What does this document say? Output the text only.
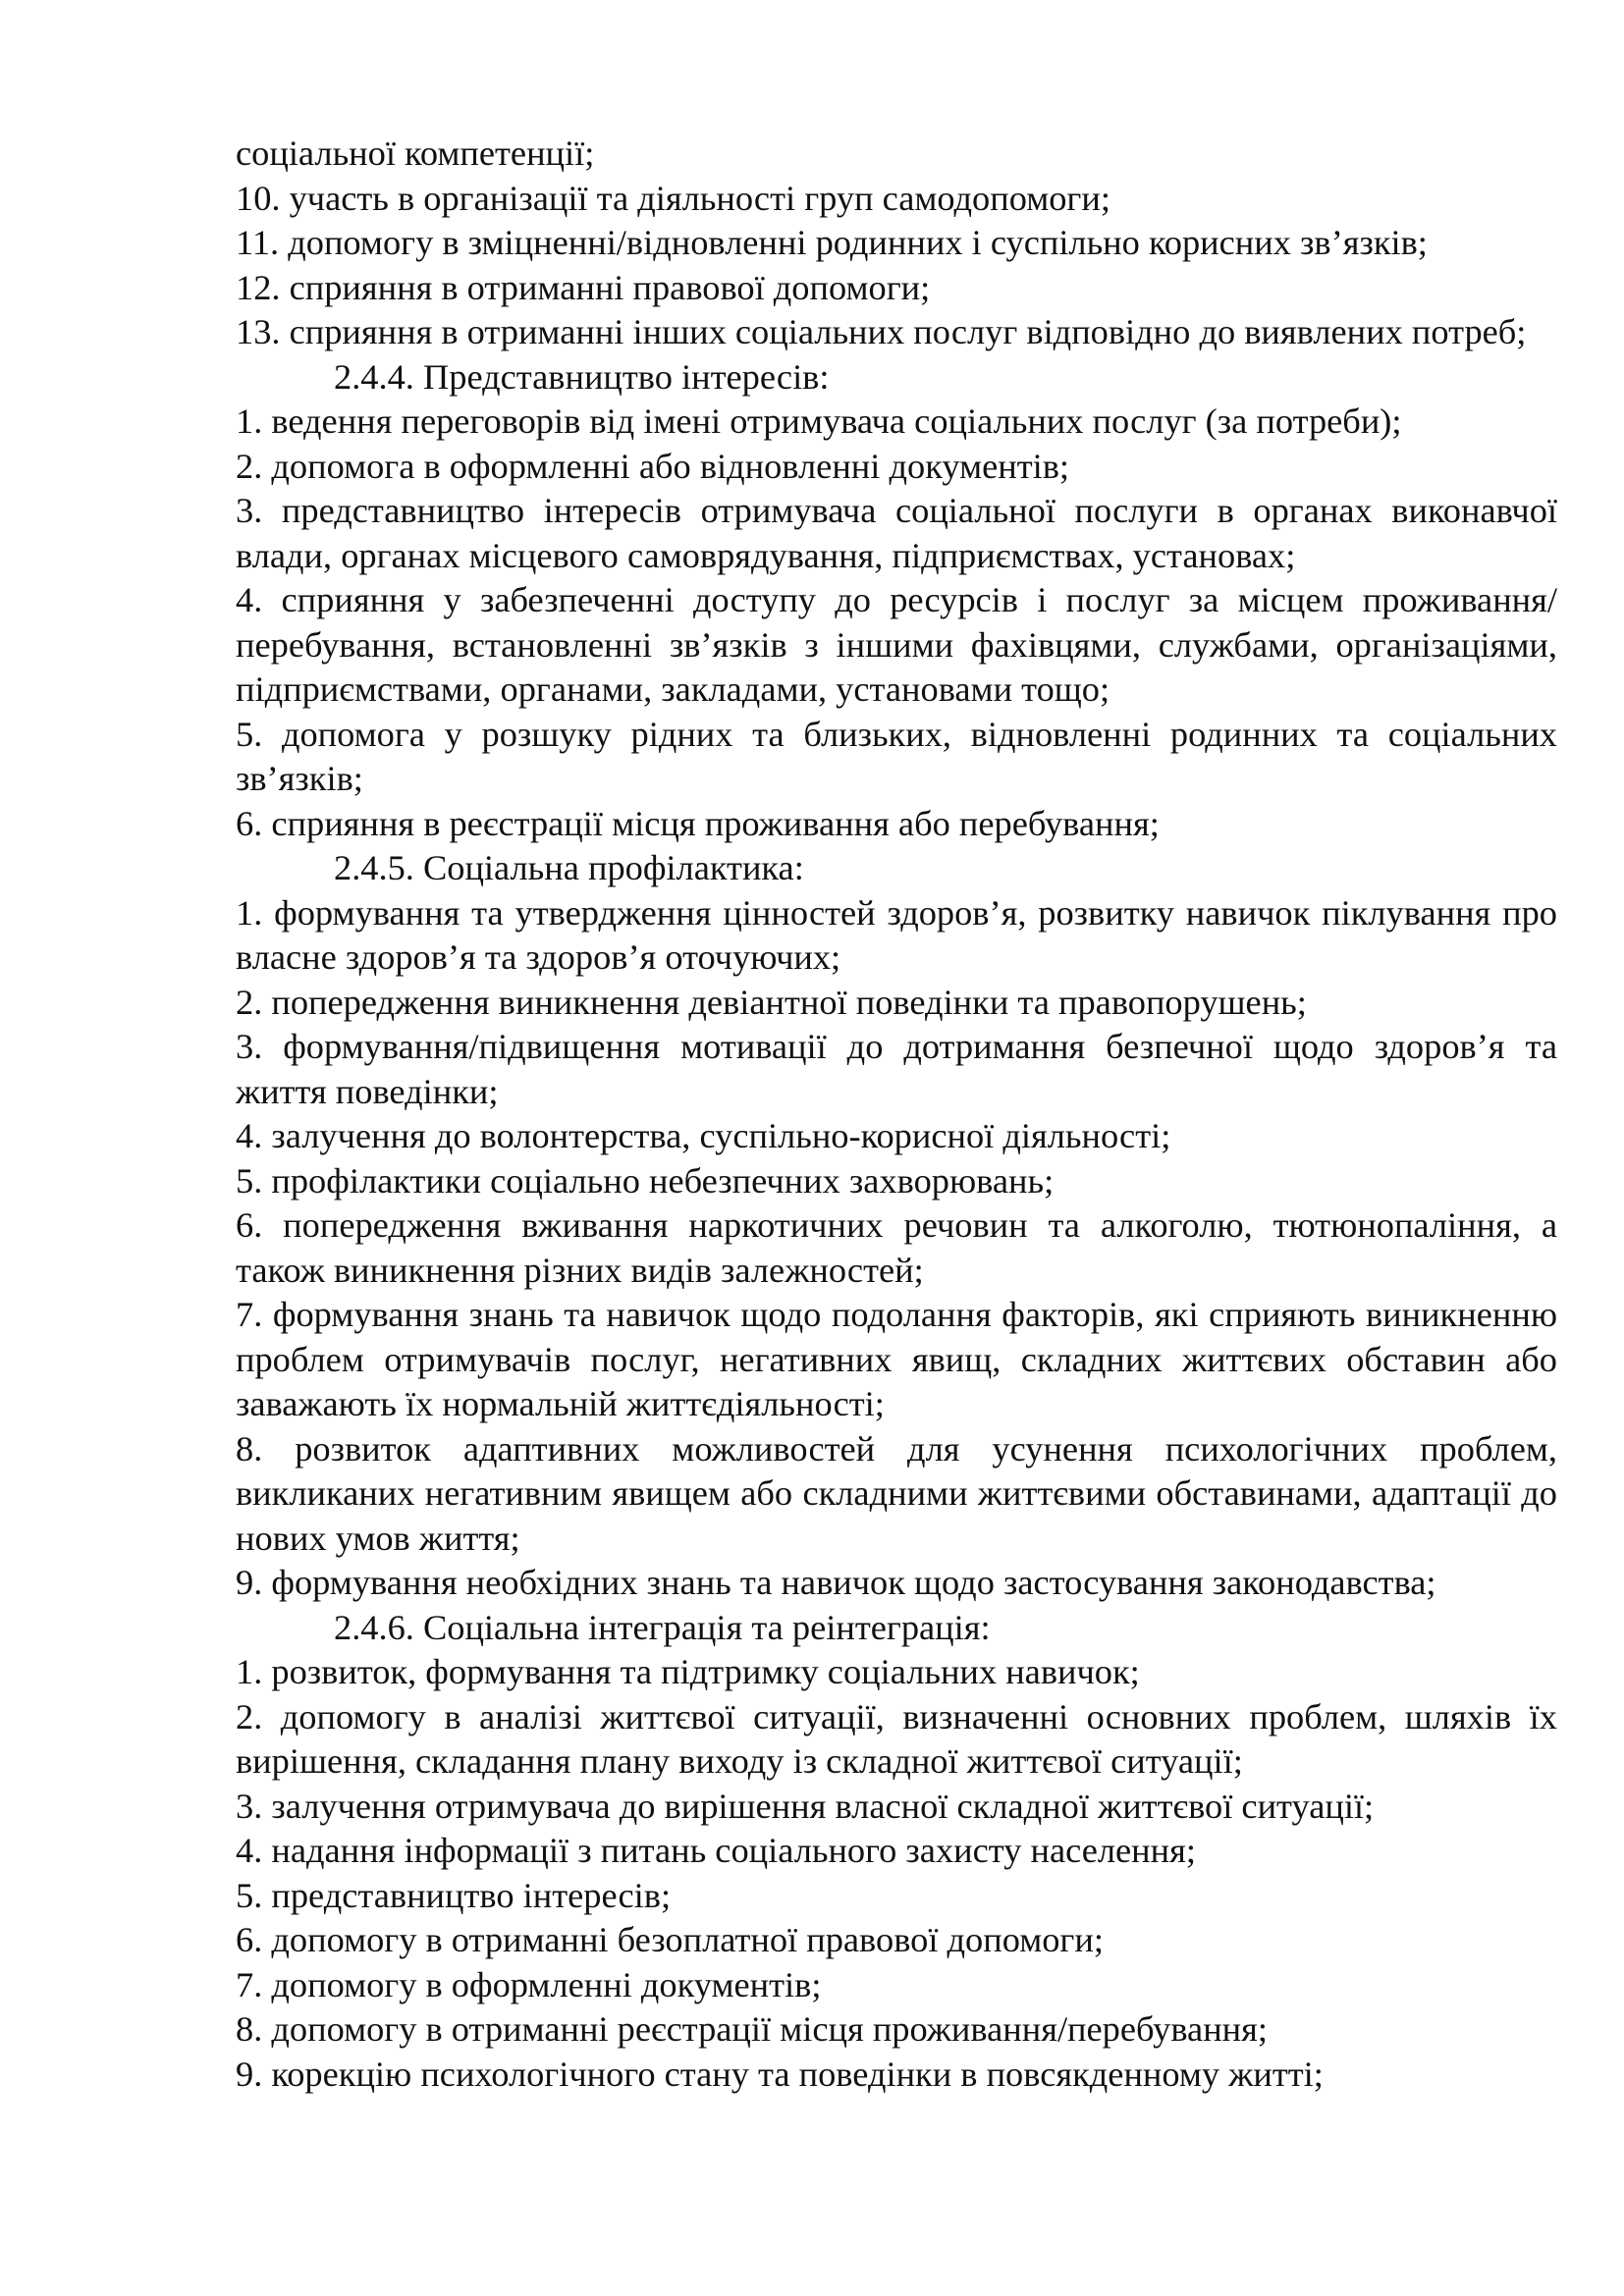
соціальної компетенції;

10. участь в організації та діяльності груп самодопомоги;

11. допомогу в зміцненні/відновленні родинних і суспільно корисних зв’язків;

12. сприяння в отриманні правової допомоги;

13. сприяння в отриманні інших соціальних послуг відповідно до виявлених потреб;

2.4.4. Представництво інтересів:

1. ведення переговорів від імені отримувача соціальних послуг (за потреби);

2. допомога в оформленні або відновленні документів;

3. представництво інтересів отримувача соціальної послуги в органах виконавчої влади, органах місцевого самоврядування, підприємствах, установах;

4. сприяння у забезпеченні доступу до ресурсів і послуг за місцем проживання/перебування, встановленні зв’язків з іншими фахівцями, службами, організаціями, підприємствами, органами, закладами, установами тощо;

5. допомога у розшуку рідних та близьких, відновленні родинних та соціальних зв’язків;

6. сприяння в реєстрації місця проживання або перебування;

2.4.5. Соціальна профілактика:

1. формування та утвердження цінностей здоров’я, розвитку навичок піклування про власне здоров’я та здоров’я оточуючих;

2. попередження виникнення девіантної поведінки та правопорушень;

3. формування/підвищення мотивації до дотримання безпечної щодо здоров’я та життя поведінки;

4. залучення до волонтерства, суспільно-корисної діяльності;

5. профілактики соціально небезпечних захворювань;

6. попередження вживання наркотичних речовин та алкоголю, тютюнопаління, а також виникнення різних видів залежностей;

7. формування знань та навичок щодо подолання факторів, які сприяють виникненню проблем отримувачів послуг, негативних явищ, складних життєвих обставин або заважають їх нормальній життєдіяльності;

8. розвиток адаптивних можливостей для усунення психологічних проблем, викликаних негативним явищем або складними життєвими обставинами, адаптації до нових умов життя;

9. формування необхідних знань та навичок щодо застосування законодавства;

2.4.6. Соціальна інтеграція та реінтеграція:

1. розвиток, формування та підтримку соціальних навичок;

2. допомогу в аналізі життєвої ситуації, визначенні основних проблем, шляхів їх вирішення, складання плану виходу із складної життєвої ситуації;

3. залучення отримувача до вирішення власної складної життєвої ситуації;

4. надання інформації з питань соціального захисту населення;

5. представництво інтересів;

6. допомогу в отриманні безоплатної правової допомоги;

7. допомогу в оформленні документів;

8. допомогу в отриманні реєстрації місця проживання/перебування;

9. корекцію психологічного стану та поведінки в повсякденному житті;
